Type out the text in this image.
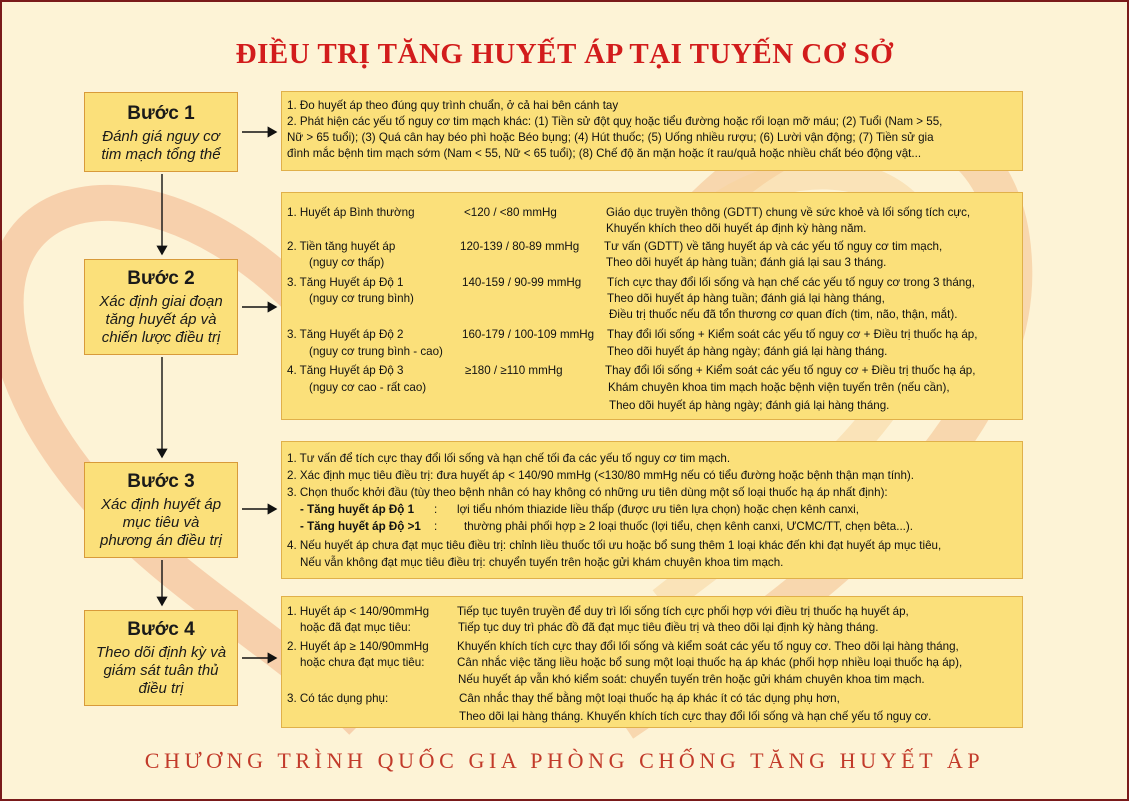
ĐIỀU TRỊ TĂNG HUYẾT ÁP TẠI TUYẾN CƠ SỞ
Bước 1
Đánh giá nguy cơ
tim mạch tổng thể
Bước 2
Xác định giai đoạn
tăng huyết áp và
chiến lược điều trị
Bước 3
Xác định huyết áp
mục tiêu và
phương án điều trị
Bước 4
Theo dõi định kỳ và
giám sát tuân thủ
điều trị
1. Đo huyết áp theo đúng quy trình chuẩn, ở cả hai bên cánh tay
2. Phát hiện các yếu tố nguy cơ tim mạch khác: (1) Tiền sử đột quỵ hoặc tiểu đường hoặc rối loạn mỡ máu; (2) Tuổi (Nam > 55,
Nữ > 65 tuổi); (3) Quá cân hay béo phì hoặc Béo bụng; (4) Hút thuốc; (5) Uống nhiều rượu; (6) Lười vận động; (7) Tiền sử gia
đình mắc bệnh tim mạch sớm (Nam < 55, Nữ < 65 tuổi); (8) Chế độ ăn mặn hoặc ít rau/quả hoặc nhiều chất béo động vật...
1. Huyết áp Bình thường	<120 / <80 mmHg	Giáo dục truyền thông (GDTT) chung về sức khoẻ và lối sống tích cực,
Khuyến khích theo dõi huyết áp định kỳ hàng năm.
2. Tiền tăng huyết áp	120-139 / 80-89 mmHg Tư vấn (GDTT) về tăng huyết áp và các yếu tố nguy cơ tim mạch,
(nguy cơ thấp)	Theo dõi huyết áp hàng tuần; đánh giá lại sau 3 tháng.
3. Tăng Huyết áp Độ 1	140-159 / 90-99 mmHg Tích cực thay đổi lối sống và hạn chế các yếu tố nguy cơ trong 3 tháng,
(nguy cơ trung bình)	Theo dõi huyết áp hàng tuần; đánh giá lại hàng tháng,
Điều trị thuốc nếu đã tổn thương cơ quan đích (tim, não, thận, mắt).
3. Tăng Huyết áp Độ 2	160-179 / 100-109 mmHg Thay đổi lối sống + Kiểm soát các yếu tố nguy cơ + Điều trị thuốc hạ áp,
(nguy cơ trung bình - cao)	Theo dõi huyết áp hàng ngày; đánh giá lại hàng tháng.
4. Tăng Huyết áp Độ 3	≥180 / ≥110 mmHg	Thay đổi lối sống + Kiểm soát các yếu tố nguy cơ + Điều trị thuốc hạ áp,
(nguy cơ cao - rất cao)	Khám chuyên khoa tim mạch hoặc bệnh viện tuyến trên (nếu cần),
Theo dõi huyết áp hàng ngày; đánh giá lại hàng tháng.
1. Tư vấn để tích cực thay đổi lối sống và hạn chế tối đa các yếu tố nguy cơ tim mạch.
2. Xác định mục tiêu điều trị: đưa huyết áp < 140/90 mmHg (<130/80 mmHg nếu có tiểu đường hoặc bệnh thận mạn tính).
3. Chọn thuốc khởi đầu (tùy theo bệnh nhân có hay không có những ưu tiên dùng một số loại thuốc hạ áp nhất định):
- Tăng huyết áp Độ 1 : lợi tiểu nhóm thiazide liều thấp (được ưu tiên lựa chọn) hoặc chẹn kênh canxi,
- Tăng huyết áp Độ >1 : thường phải phối hợp ≥ 2 loại thuốc (lợi tiểu, chẹn kênh canxi, ƯCMC/TT, chẹn bêta...).
4. Nếu huyết áp chưa đạt mục tiêu điều trị: chỉnh liều thuốc tối ưu hoặc bổ sung thêm 1 loại khác đến khi đạt huyết áp mục tiêu,
Nếu vẫn không đạt mục tiêu điều trị: chuyển tuyến trên hoặc gửi khám chuyên khoa tim mạch.
1. Huyết áp < 140/90mmHg Tiếp tục tuyên truyền để duy trì lối sống tích cực phối hợp với điều trị thuốc hạ huyết áp,
hoặc đã đạt mục tiêu:	Tiếp tục duy trì phác đồ đã đạt mục tiêu điều trị và theo dõi lại định kỳ hàng tháng.
2. Huyết áp ≥ 140/90mmHg Khuyến khích tích cực thay đổi lối sống và kiểm soát các yếu tố nguy cơ. Theo dõi lại hàng tháng,
hoặc chưa đạt mục tiêu:	Cân nhắc việc tăng liều hoặc bổ sung một loại thuốc hạ áp khác (phối hợp nhiều loại thuốc hạ áp),
Nếu huyết áp vẫn khó kiểm soát: chuyển tuyến trên hoặc gửi khám chuyên khoa tim mạch.
3. Có tác dụng phụ:	Cân nhắc thay thế bằng một loại thuốc hạ áp khác ít có tác dụng phụ hơn,
Theo dõi lại hàng tháng. Khuyến khích tích cực thay đổi lối sống và hạn chế yếu tố nguy cơ.
CHƯƠNG TRÌNH QUỐC GIA PHÒNG CHỐNG TĂNG HUYẾT ÁP
